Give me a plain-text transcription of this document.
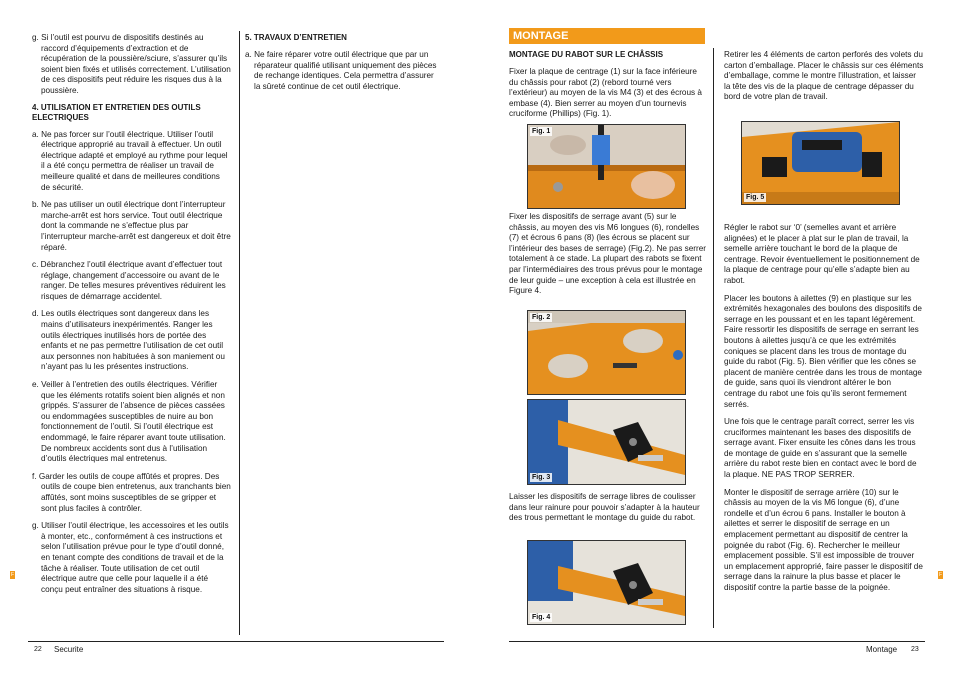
g. Si l’outil est pourvu de dispositifs destinés au raccord d’équipements d’extraction et de récupération de la poussière/sciure, s’assurer qu’ils soient bien fixés et utilisés correctement. L’utilisation de ces dispositifs peut réduire les risques dus à la poussière.

4. UTILISATION ET ENTRETIEN DES OUTILS ELECTRIQUES

a. Ne pas forcer sur l’outil électrique. Utiliser l’outil électrique approprié au travail à effectuer. Un outil électrique adapté et employé au rythme pour lequel il a été conçu permettra de réaliser un travail de meilleure qualité et dans de meilleures conditions de sécurité.

b. Ne pas utiliser un outil électrique dont l’interrupteur marche-arrêt est hors service. Tout outil électrique dont la commande ne s’effectue plus par l’interrupteur marche-arrêt est dangereux et doit être réparé.

c. Débranchez l’outil électrique avant d’effectuer tout réglage, changement d’accessoire ou avant de le ranger. De telles mesures préventives réduirent les risques de démarrage accidentel.

d. Les outils électriques sont dangereux dans les mains d’utilisateurs inexpérimentés. Ranger les outils électriques inutilisés hors de portée des enfants et ne pas permettre l’utilisation de cet outil aux personnes non habituées à son maniement ou n’ayant pas lu les présentes instructions.

e. Veiller à l’entretien des outils électriques. Vérifier que les éléments rotatifs soient bien alignés et non grippés. S’assurer de l’absence de pièces cassées ou endommagées susceptibles de nuire au bon fonctionnement de l’outil. Si l’outil électrique est endommagé, le faire réparer avant toute utilisation. De nombreux accidents sont dus à l’utilisation d’outils électriques mal entretenus.

f. Garder les outils de coupe affûtés et propres. Des outils de coupe bien entretenus, aux tranchants bien affûtés, sont moins susceptibles de se gripper et sont plus faciles à contrôler.

g. Utiliser l’outil électrique, les accessoires et les outils à monter, etc., conformément à ces instructions et selon l’utilisation prévue pour le type d’outil donné, en tenant compte des conditions de travail et de la tâche à réaliser. Toute utilisation de cet outil électrique autre que celle pour laquelle il a été conçu peut entraîner des situations à risque.

5. TRAVAUX D’ENTRETIEN

a. Ne faire réparer votre outil électrique que par un réparateur qualifié utilisant uniquement des pièces de rechange identiques. Cela permettra d’assurer la sûreté continue de cet outil électrique.

F
22 Securite
MONTAGE

MONTAGE DU RABOT SUR LE CHÂSSIS

Fixer la plaque de centrage (1) sur la face inférieure du châssis pour rabot (2) (rebord tourné vers l’extérieur) au moyen de la vis M4 (3) et des écrous à embase (4). Bien serrer au moyen d’un tournevis cruciforme (Phillips) (Fig. 1).

Fig. 1

Fixer les dispositifs de serrage avant (5) sur le châssis, au moyen des vis M6 longues (6), rondelles (7) et écrous 6 pans (8) (les écrous se placent sur l’intérieur des bases de serrage) (Fig.2). Ne pas serrer totalement à ce stade. La plupart des rabots se fixent par l’intermédiaires des trous prévus pour le montage de leur guide – une exception à cela est illustrée en Figure 4.

Fig. 2
Fig. 3

Laisser les dispositifs de serrage libres de coulisser dans leur rainure pour pouvoir s’adapter à la hauteur des trous permettant le montage du guide du rabot.

Fig. 4

Retirer les 4 éléments de carton perforés des volets du carton d’emballage. Placer le châssis sur ces éléments d’emballage, comme le montre l’illustration, et laisser la tête des vis de la plaque de centrage dépasser du bord de votre plan de travail.

Fig. 5

Régler le rabot sur ‘0’ (semelles avant et arrière alignées) et le placer à plat sur le plan de travail, la semelle arrière touchant le bord de la plaque de centrage. Revoir éventuellement le positionnement de la plaque de centrage pour qu’elle s’adapte bien au rabot.

Placer les boutons à ailettes (9) en plastique sur les extrémités hexagonales des boulons des dispositifs de serrage en les poussant et en les tapant légèrement. Faire ressortir les dispositifs de serrage en serrant les boutons à ailettes jusqu’à ce que les extrémités coniques se placent dans les trous de montage du guide du rabot (Fig. 5). Bien vérifier que les cônes se placent de manière centrée dans les trous de montage de guide, sans quoi ils viendront altérer le bon centrage du rabot une fois qu’ils seront fermement serrés.

Une fois que le centrage paraît correct, serrer les vis cruciformes maintenant les bases des dispositifs de serrage avant. Fixer ensuite les cônes dans les trous de montage de guide en s’assurant que la semelle arrière du rabot reste bien en contact avec le bord de la plaque. NE PAS TROP SERRER.

Monter le dispositif de serrage arrière (10) sur le châssis au moyen de la vis M6 longue (6), d’une rondelle et d’un écrou 6 pans. Installer le bouton à ailettes et serrer le dispositif de serrage en un emplacement permettant au dispositif de centrer la poignée du rabot (Fig. 6). Rechercher le meilleur emplacement possible. S’il est impossible de trouver un emplacement approprié, faire passer le dispositif de serrage dans la rainure la plus basse et placer le dispositif contre la partie basse de la poignée.

F
Montage 23
